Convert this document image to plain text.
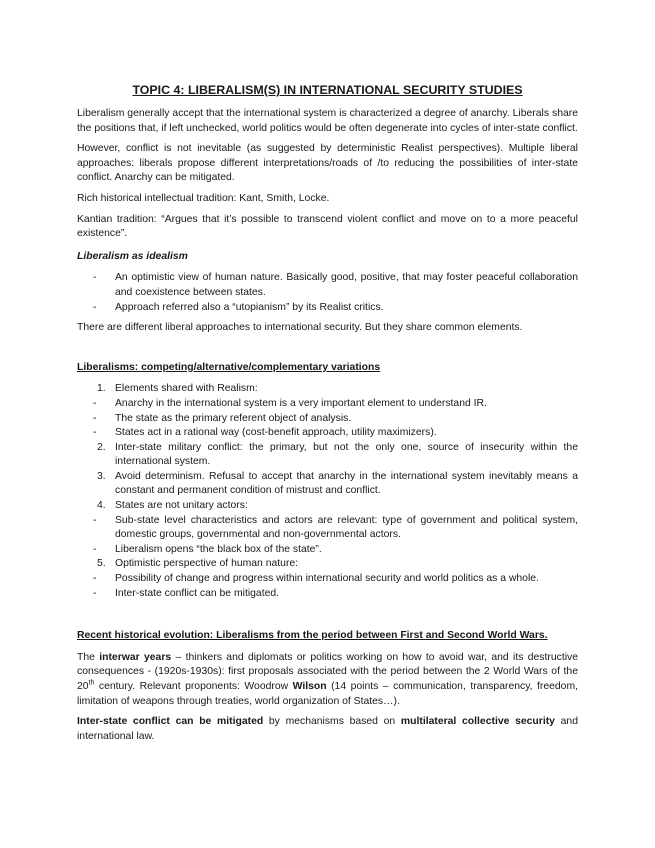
TOPIC 4: LIBERALISM(S) IN INTERNATIONAL SECURITY STUDIES

Liberalism generally accept that the international system is characterized a degree of anarchy. Liberals share the positions that, if left unchecked, world politics would be often degenerate into cycles of inter-state conflict.

However, conflict is not inevitable (as suggested by deterministic Realist perspectives). Multiple liberal approaches: liberals propose different interpretations/roads of /to reducing the possibilities of inter-state conflict. Anarchy can be mitigated.

Rich historical intellectual tradition: Kant, Smith, Locke.

Kantian tradition: “Argues that it’s possible to transcend violent conflict and move on to a more peaceful existence”.

Liberalism as idealism
-	An optimistic view of human nature. Basically good, positive, that may foster peaceful collaboration and coexistence between states.
-	Approach referred also a “utopianism” by its Realist critics.

There are different liberal approaches to international security. But they share common elements.

Liberalisms: competing/alternative/complementary variations
1. Elements shared with Realism:
-	Anarchy in the international system is a very important element to understand IR.
-	The state as the primary referent object of analysis.
-	States act in a rational way (cost-benefit approach, utility maximizers).
2. Inter-state military conflict: the primary, but not the only one, source of insecurity within the international system.
3. Avoid determinism. Refusal to accept that anarchy in the international system inevitably means a constant and permanent condition of mistrust and conflict.
4. States are not unitary actors:
-	Sub-state level characteristics and actors are relevant: type of government and political system, domestic groups, governmental and non-governmental actors.
-	Liberalism opens “the black box of the state”.
5. Optimistic perspective of human nature:
-	Possibility of change and progress within international security and world politics as a whole.
-	Inter-state conflict can be mitigated.
Recent historical evolution: Liberalisms from the period between First and Second World Wars.

The interwar years – thinkers and diplomats or politics working on how to avoid war, and its destructive consequences - (1920s-1930s): first proposals associated with the period between the 2 World Wars of the 20th century. Relevant proponents: Woodrow Wilson (14 points – communication, transparency, freedom, limitation of weapons through treaties, world organization of States…).

Inter-state conflict can be mitigated by mechanisms based on multilateral collective security and international law.
